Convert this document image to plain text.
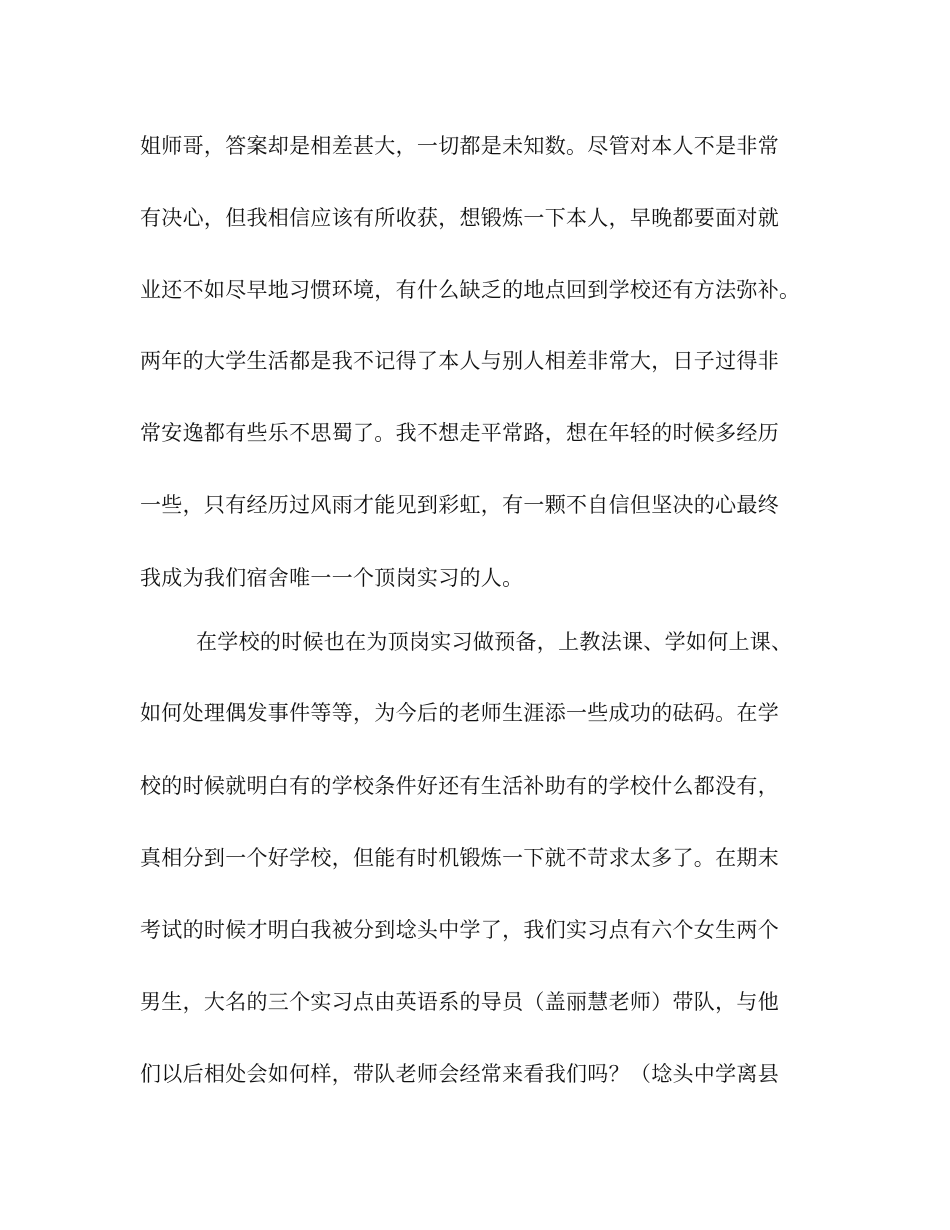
姐师哥，答案却是相差甚大，一切都是未知数。尽管对本人不是非常
有决心，但我相信应该有所收获，想锻炼一下本人，早晚都要面对就
业还不如尽早地习惯环境，有什么缺乏的地点回到学校还有方法弥补。
两年的大学生活都是我不记得了本人与别人相差非常大，日子过得非
常安逸都有些乐不思蜀了。我不想走平常路，想在年轻的时候多经历
一些，只有经历过风雨才能见到彩虹，有一颗不自信但坚决的心最终
我成为我们宿舍唯一一个顶岗实习的人。
在学校的时候也在为顶岗实习做预备，上教法课、学如何上课、
如何处理偶发事件等等，为今后的老师生涯添一些成功的砝码。在学
校的时候就明白有的学校条件好还有生活补助有的学校什么都没有，
真相分到一个好学校，但能有时机锻炼一下就不苛求太多了。在期末
考试的时候才明白我被分到埝头中学了，我们实习点有六个女生两个
男生，大名的三个实习点由英语系的导员（盖丽慧老师）带队，与他
们以后相处会如何样，带队老师会经常来看我们吗？（埝头中学离县
